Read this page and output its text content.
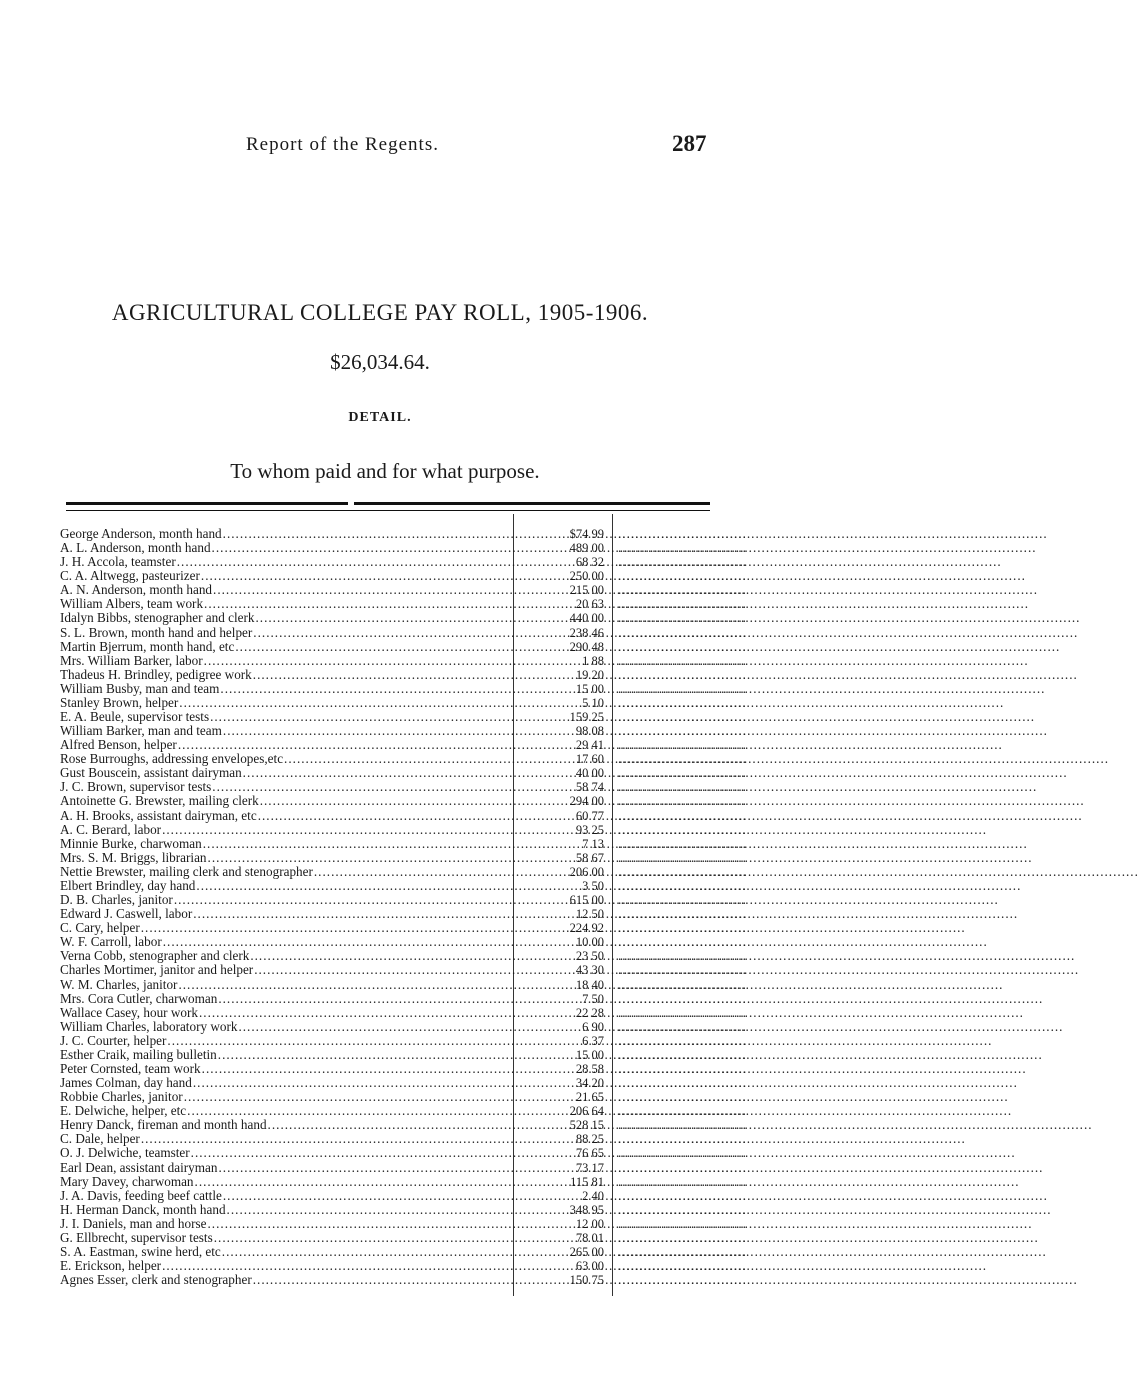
Report of the Regents.	287
AGRICULTURAL COLLEGE PAY ROLL, 1905-1906.
$26,034.64.
DETAIL.
To whom paid and for what purpose.
George Anderson, month hand .....	$74 99 ..............................
A. L. Anderson, month hand .....	489 00 ..............................
J. H. Accola, teamster .....	68 32 ..............................
C. A. Altwegg, pasteurizer .....	250 00 ..............................
A. N. Anderson, month hand .....	215 00 ..............................
William Albers, team work .....	20 63 ..............................
Idalyn Bibbs, stenographer and clerk .....	440 00 ..............................
S. L. Brown, month hand and helper .....	238 46 ..............................
Martin Bjerrum, month hand, etc .....	290 48 ..............................
Mrs. William Barker, labor .....	1 88 ..............................
Thadeus H. Brindley, pedigree work .....	19 20 ..............................
William Busby, man and team .....	15 00 ..............................
Stanley Brown, helper .....	5 10 ..............................
E. A. Beule, supervisor tests .....	159 25 ..............................
William Barker, man and team .....	98 08 ..............................
Alfred Benson, helper .....	29 41 ..............................
Rose Burroughs, addressing envelopes,etc .....	17 60 ..............................
Gust Bouscein, assistant dairyman .....	40 00 ..............................
J. C. Brown, supervisor tests .....	58 74 ..............................
Antoinette G. Brewster, mailing clerk .....	294 00 ..............................
A. H. Brooks, assistant dairyman, etc .....	60 77 ..............................
A. C. Berard, labor .....	93 25 ..............................
Minnie Burke, charwoman .....	7 13 ..............................
Mrs. S. M. Briggs, librarian .....	58 67 ..............................
Nettie Brewster, mailing clerk and stenographer .....	206 00 ..............................
Elbert Brindley, day hand .....	3 50 ..............................
D. B. Charles, janitor .....	615 00 ..............................
Edward J. Caswell, labor .....	12 50 ..............................
C. Cary, helper .....	224 92 ..............................
W. F. Carroll, labor .....	10 00 ..............................
Verna Cobb, stenographer and clerk .....	23 50 ..............................
Charles Mortimer, janitor and helper .....	43 30 ..............................
W. M. Charles, janitor .....	18 40 ..............................
Mrs. Cora Cutler, charwoman .....	7 50 ..............................
Wallace Casey, hour work .....	22 28 ..............................
William Charles, laboratory work .....	6 90 ..............................
J. C. Courter, helper .....	6 37 ..............................
Esther Craik, mailing bulletin .....	15 00 ..............................
Peter Cornsted, team work .....	28 58 ..............................
James Colman, day hand .....	34 20 ..............................
Robbie Charles, janitor .....	21 65 ..............................
E. Delwiche, helper, etc .....	206 64 ..............................
Henry Danck, fireman and month hand .....	528 15 ..............................
C. Dale, helper .....	88 25 ..............................
O. J. Delwiche, teamster .....	76 65 ..............................
Earl Dean, assistant dairyman .....	73 17 ..............................
Mary Davey, charwoman .....	115 81 ..............................
J. A. Davis, feeding beef cattle .....	2 40 ..............................
H. Herman Danck, month hand .....	348 95 ..............................
J. I. Daniels, man and horse .....	12 00 ..............................
G. Ellbrecht, supervisor tests .....	78 01 ..............................
S. A. Eastman, swine herd, etc .....	265 00 ..............................
E. Erickson, helper .....	63 00 ..............................
Agnes Esser, clerk and stenographer .....	150 75 ..............................
